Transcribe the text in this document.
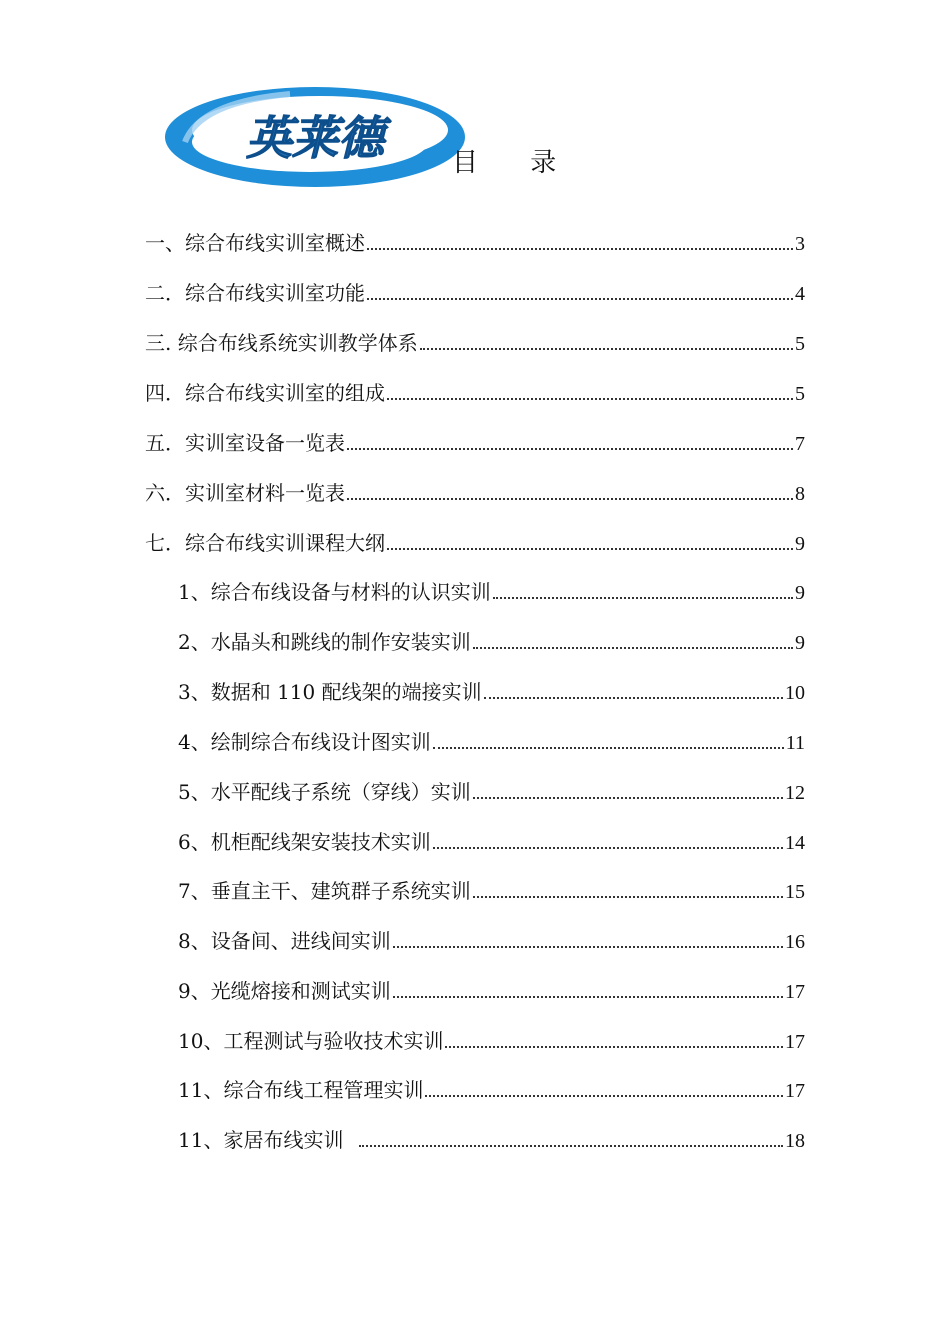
英莱德	目 录
一、综合布线实训室概述	3
二．综合布线实训室功能	4
三. 综合布线系统实训教学体系	5
四．综合布线实训室的组成	5
五．实训室设备一览表	7
六．实训室材料一览表	8
七．综合布线实训课程大纲	9
1、综合布线设备与材料的认识实训	9
2、水晶头和跳线的制作安装实训	9
3、数据和 110 配线架的端接实训	10
4、绘制综合布线设计图实训	11
5、水平配线子系统（穿线）实训	12
6、机柜配线架安装技术实训	14
7、垂直主干、建筑群子系统实训	15
8、设备间、进线间实训	16
9、光缆熔接和测试实训	17
10、工程测试与验收技术实训	17
11、综合布线工程管理实训	17
11、家居布线实训	18
